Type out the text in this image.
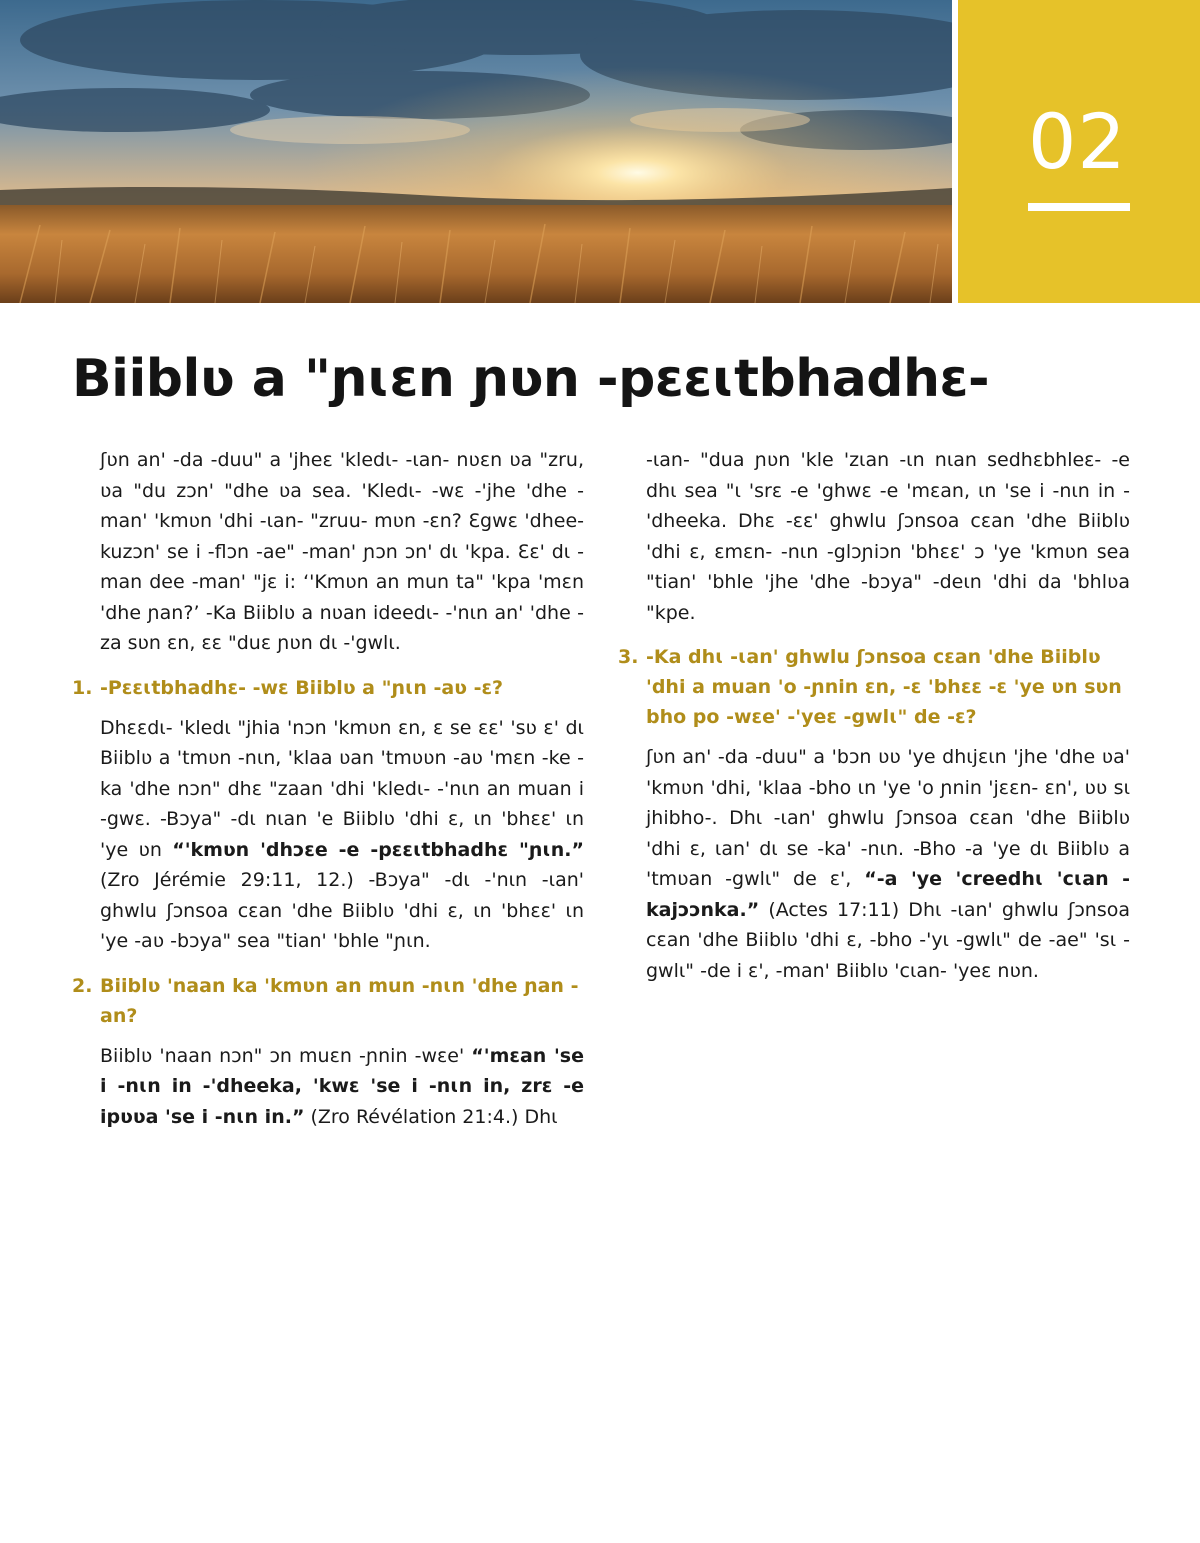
02
Biiblʋ a "ɲɩɛn ɲʋn -pɛɛɩtbhadhɛ-

ʃʋn an' -da -duu" a 'jheɛ 'kledɩ- -ɩan- nʋɛn ʋa "zru, ʋa "du zɔn' "dhe ʋa sea. 'Kledɩ- -wɛ -'jhe 'dhe -man' 'kmʋn 'dhi -ɩan- "zruu- mʋn -ɛn? Ɛgwɛ 'dhee- kuzɔn' se i -flɔn -ae" -man' ɲɔn ɔn' dɩ 'kpa. Ɛɛ' dɩ -man dee -man' "jɛ i: ‘'Kmʋn an mun ta" 'kpa 'mɛn 'dhe ɲan?’ -Ka Biiblʋ a nʋan ideedɩ- -'nɩn an' 'dhe -za sʋn ɛn, ɛɛ "duɛ ɲʋn dɩ -'gwlɩ.

1. -Pɛɛɩtbhadhɛ- -wɛ Biiblʋ a "ɲɩn -aʋ -ɛ?

Dhɛɛdɩ- 'kledɩ "jhia 'nɔn 'kmʋn ɛn, ɛ se ɛɛ' 'sʋ ɛ' dɩ Biiblʋ a 'tmʋn -nɩn, 'klaa ʋan 'tmʋʋn -aʋ 'mɛn -ke -ka 'dhe nɔn" dhɛ "zaan 'dhi 'kledɩ- -'nɩn an muan i -gwɛ. -Bɔya" -dɩ nɩan 'e Biiblʋ 'dhi ɛ, ɩn 'bhɛɛ' ɩn 'ye ʋn “'kmʋn 'dhɔɛe -e -pɛɛɩtbhadhɛ "ɲɩn.” (Zro Jérémie 29:11, 12.) -Bɔya" -dɩ -'nɩn -ɩan' ghwlu ʃɔnsoa cɛan 'dhe Biiblʋ 'dhi ɛ, ɩn 'bhɛɛ' ɩn 'ye -aʋ -bɔya" sea "tian' 'bhle "ɲɩn.

2. Biiblʋ 'naan ka 'kmʋn an mun -nɩn 'dhe ɲan -an?

Biiblʋ 'naan nɔn" ɔn muɛn -ɲnin -wɛe' “'mɛan 'se i -nɩn in -'dheeka, 'kwɛ 'se i -nɩn in, zrɛ -e ipʋʋa 'se i -nɩn in.” (Zro Révélation 21:4.) Dhɩ

-ɩan- "dua ɲʋn 'kle 'zɩan -ɩn nɩan sedhɛbhleɛ- -e dhɩ sea "ɩ 'srɛ -e 'ghwɛ -e 'mɛan, ɩn 'se i -nɩn in -'dheeka. Dhɛ -ɛɛ' ghwlu ʃɔnsoa cɛan 'dhe Biiblʋ 'dhi ɛ, ɛmɛn- -nɩn -glɔɲiɔn 'bhɛɛ' ɔ 'ye 'kmʋn sea "tian' 'bhle 'jhe 'dhe -bɔya" -deɩn 'dhi da 'bhlʋa "kpe.

3. -Ka dhɩ -ɩan' ghwlu ʃɔnsoa cɛan 'dhe Biiblʋ 'dhi a muan 'o -ɲnin ɛn, -ɛ 'bhɛɛ -ɛ 'ye ʋn sʋn bho po -wɛe' -'yeɛ -gwlɩ" de -ɛ?

ʃʋn an' -da -duu" a 'bɔn ʋʋ 'ye dhɩjɛɩn 'jhe 'dhe ʋa' 'kmʋn 'dhi, 'klaa -bho ɩn 'ye 'o ɲnin 'jɛɛn- ɛn', ʋʋ sɩ jhibho-. Dhɩ -ɩan' ghwlu ʃɔnsoa cɛan 'dhe Biiblʋ 'dhi ɛ, ɩan' dɩ se -ka' -nɩn. -Bho -a 'ye dɩ Biiblʋ a 'tmʋan -gwlɩ" de ɛ', “-a 'ye 'creedhɩ 'cɩan -kajɔɔnka.” (Actes 17:11) Dhɩ -ɩan' ghwlu ʃɔnsoa cɛan 'dhe Biiblʋ 'dhi ɛ, -bho -'yɩ -gwlɩ" de -ae" 'sɩ -gwlɩ" -de i ɛ', -man' Biiblʋ 'cɩan- 'yeɛ nʋn.
